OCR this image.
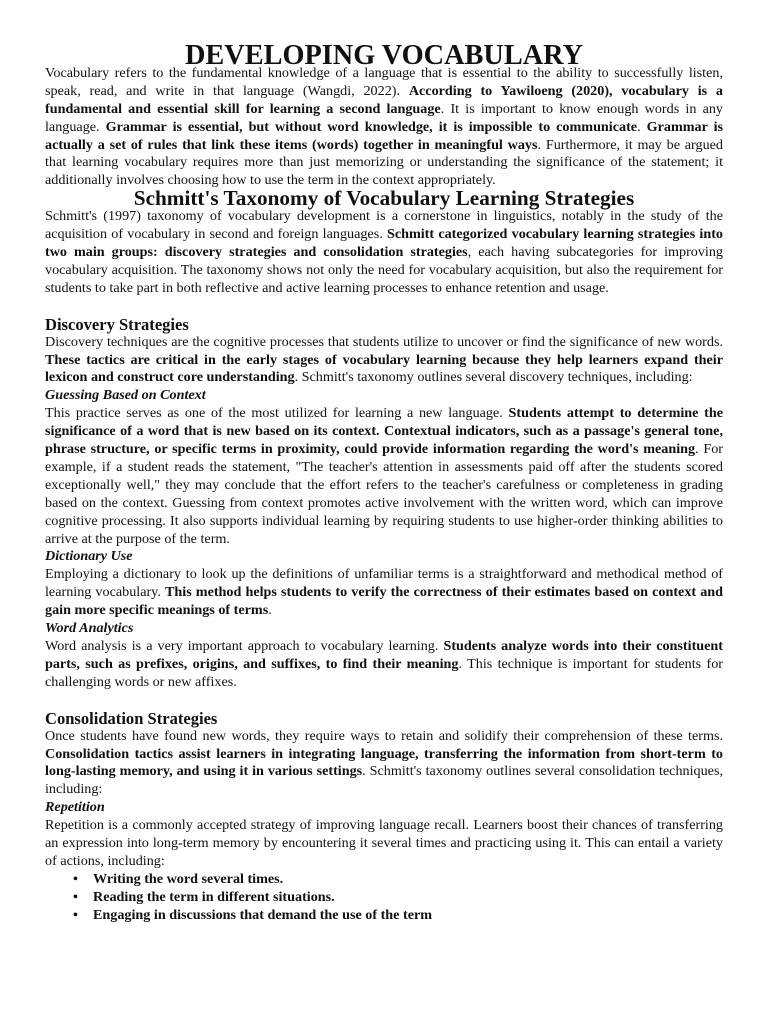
DEVELOPING VOCABULARY

Vocabulary refers to the fundamental knowledge of a language that is essential to the ability to successfully listen, speak, read, and write in that language (Wangdi, 2022). According to Yawiloeng (2020), vocabulary is a fundamental and essential skill for learning a second language. It is important to know enough words in any language. Grammar is essential, but without word knowledge, it is impossible to communicate. Grammar is actually a set of rules that link these items (words) together in meaningful ways. Furthermore, it may be argued that learning vocabulary requires more than just memorizing or understanding the significance of the statement; it additionally involves choosing how to use the term in the context appropriately.

Schmitt's Taxonomy of Vocabulary Learning Strategies

Schmitt's (1997) taxonomy of vocabulary development is a cornerstone in linguistics, notably in the study of the acquisition of vocabulary in second and foreign languages. Schmitt categorized vocabulary learning strategies into two main groups: discovery strategies and consolidation strategies, each having subcategories for improving vocabulary acquisition. The taxonomy shows not only the need for vocabulary acquisition, but also the requirement for students to take part in both reflective and active learning processes to enhance retention and usage.

Discovery Strategies

Discovery techniques are the cognitive processes that students utilize to uncover or find the significance of new words. These tactics are critical in the early stages of vocabulary learning because they help learners expand their lexicon and construct core understanding. Schmitt's taxonomy outlines several discovery techniques, including:

Guessing Based on Context

This practice serves as one of the most utilized for learning a new language. Students attempt to determine the significance of a word that is new based on its context. Contextual indicators, such as a passage's general tone, phrase structure, or specific terms in proximity, could provide information regarding the word's meaning. For example, if a student reads the statement, "The teacher's attention in assessments paid off after the students scored exceptionally well," they may conclude that the effort refers to the teacher's carefulness or completeness in grading based on the context. Guessing from context promotes active involvement with the written word, which can improve cognitive processing. It also supports individual learning by requiring students to use higher-order thinking abilities to arrive at the purpose of the term.

Dictionary Use

Employing a dictionary to look up the definitions of unfamiliar terms is a straightforward and methodical method of learning vocabulary. This method helps students to verify the correctness of their estimates based on context and gain more specific meanings of terms.

Word Analytics

Word analysis is a very important approach to vocabulary learning. Students analyze words into their constituent parts, such as prefixes, origins, and suffixes, to find their meaning. This technique is important for students for challenging words or new affixes.

Consolidation Strategies

Once students have found new words, they require ways to retain and solidify their comprehension of these terms. Consolidation tactics assist learners in integrating language, transferring the information from short-term to long-lasting memory, and using it in various settings. Schmitt's taxonomy outlines several consolidation techniques, including:

Repetition

Repetition is a commonly accepted strategy of improving language recall. Learners boost their chances of transferring an expression into long-term memory by encountering it several times and practicing using it. This can entail a variety of actions, including:

• Writing the word several times.
• Reading the term in different situations.
• Engaging in discussions that demand the use of the term
